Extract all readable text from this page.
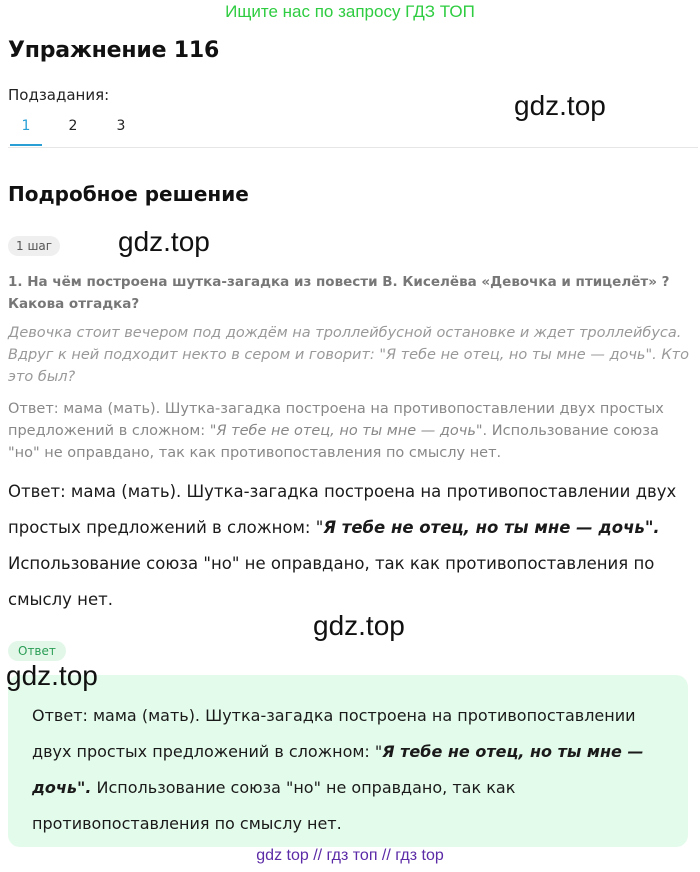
Ищите нас по запросу ГДЗ ТОП
Упражнение 116
Подзадания:
1	2	3
gdz.top
Подробное решение
1 шаг gdz.top
1. На чём построена шутка-загадка из повести В. Киселёва «Девочка и птицелёт» ? Какова отгадка?
Девочка стоит вечером под дождём на троллейбусной остановке и ждет троллейбуса. Вдруг к ней подходит некто в сером и говорит: "Я тебе не отец, но ты мне — дочь". Кто это был?
Ответ: мама (мать). Шутка-загадка построена на противопоставлении двух простых предложений в сложном: "Я тебе не отец, но ты мне — дочь". Использование союза "но" не оправдано, так как противопоставления по смыслу нет.
Ответ: мама (мать). Шутка-загадка построена на противопоставлении двух простых предложений в сложном: "Я тебе не отец, но ты мне — дочь". Использование союза "но" не оправдано, так как противопоставления по смыслу нет.
gdz.top
Ответ
Ответ: мама (мать). Шутка-загадка построена на противопоставлении двух простых предложений в сложном: "Я тебе не отец, но ты мне — дочь". Использование союза "но" не оправдано, так как противопоставления по смыслу нет.
gdz.top
gdz top // гдз топ // гдз top
